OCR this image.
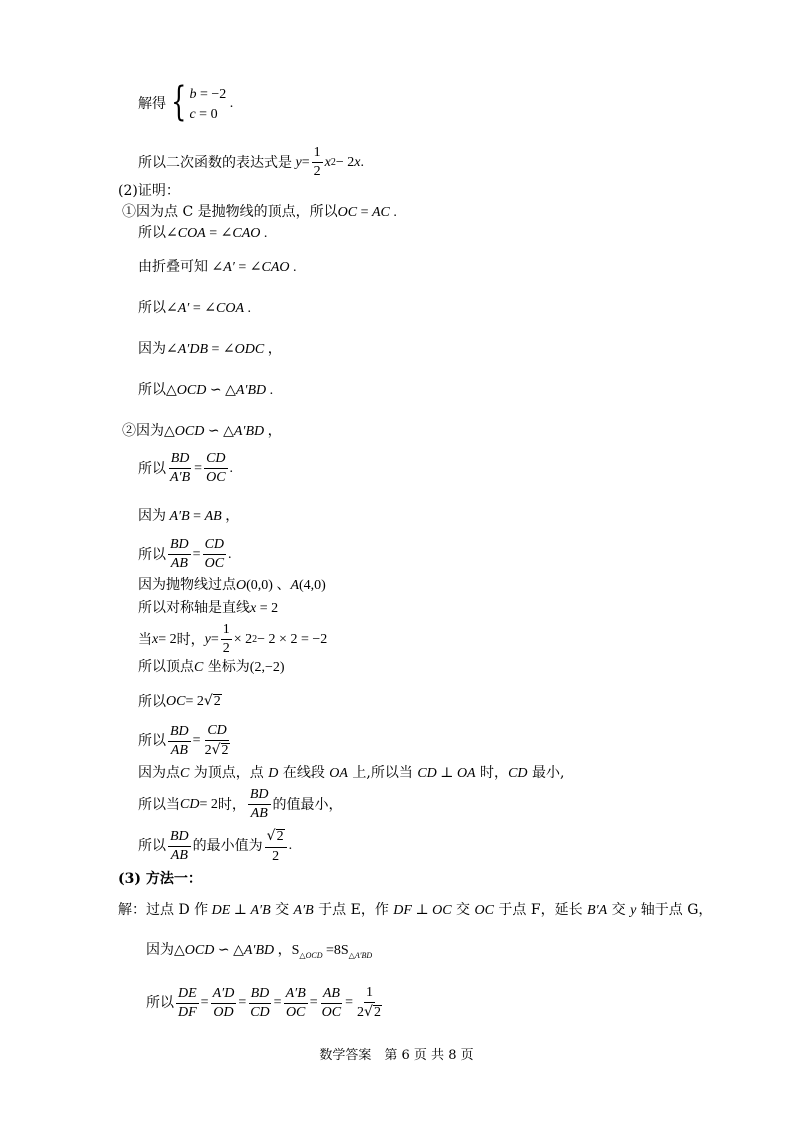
解得 { b = −2
c = 0
.
所以二次函数的表达式是 $y = \frac{1}{2}$ x 2 − 2 x .
(2)证明：
①因为点 C 是抛物线的顶点，所以OC = AC .
所以∠COA = ∠CAO .
由折叠可知 ∠A′ = ∠CAO .
所以∠A′ = ∠COA .
因为∠A′DB = ∠ODC ，
所以△OCD ∽ △A′BD .
②因为△OCD ∽ △A′BD ，
所以 $\frac{BD}{A'B} = \frac{CD}{OC}$ .
因为 A′B = AB ，
所以 $\frac{BD}{AB} = \frac{CD}{OC}$ .
因为抛物线过点O(0,0) 、A(4,0)
所以对称轴是直线x = 2
当 x = 2 时， $y = \frac{1}{2} \times 2$ 2 − 2 × 2 = −2
所以顶点C 坐标为(2,−2)
所以 OC = 2 √ 2
所以 $\frac{BD}{AB} = \frac{CD}{2 √ 2}$
因为点C 为顶点，点 D 在线段 OA 上,所以当 CD ⊥ OA 时，CD 最小,
所以当 CD = 2 时， $\frac{BD}{AB}$ 的值最小，
所以 $\frac{BD}{AB}$ 的最小值为 $\frac{√ 2}{2}$ .
(3) 方法一：
解：过点 D 作 DE ⊥ A′B 交 A′B 于点 E，作 DF ⊥ OC 交 OC 于点 F，延长 B′A 交 y 轴于点 G，
因为△OCD ∽ △A′BD ，$S_{\triangle OCD} =8S_{\triangle A'BD}$
所以 $\frac{DE}{DF} = \frac{A'D}{OD} = \frac{BD}{CD} = \frac{A'B}{OC} = \frac{AB}{OC} = \frac{1}{2 √ 2}$
数学答案　第 6 页 共 8 页
